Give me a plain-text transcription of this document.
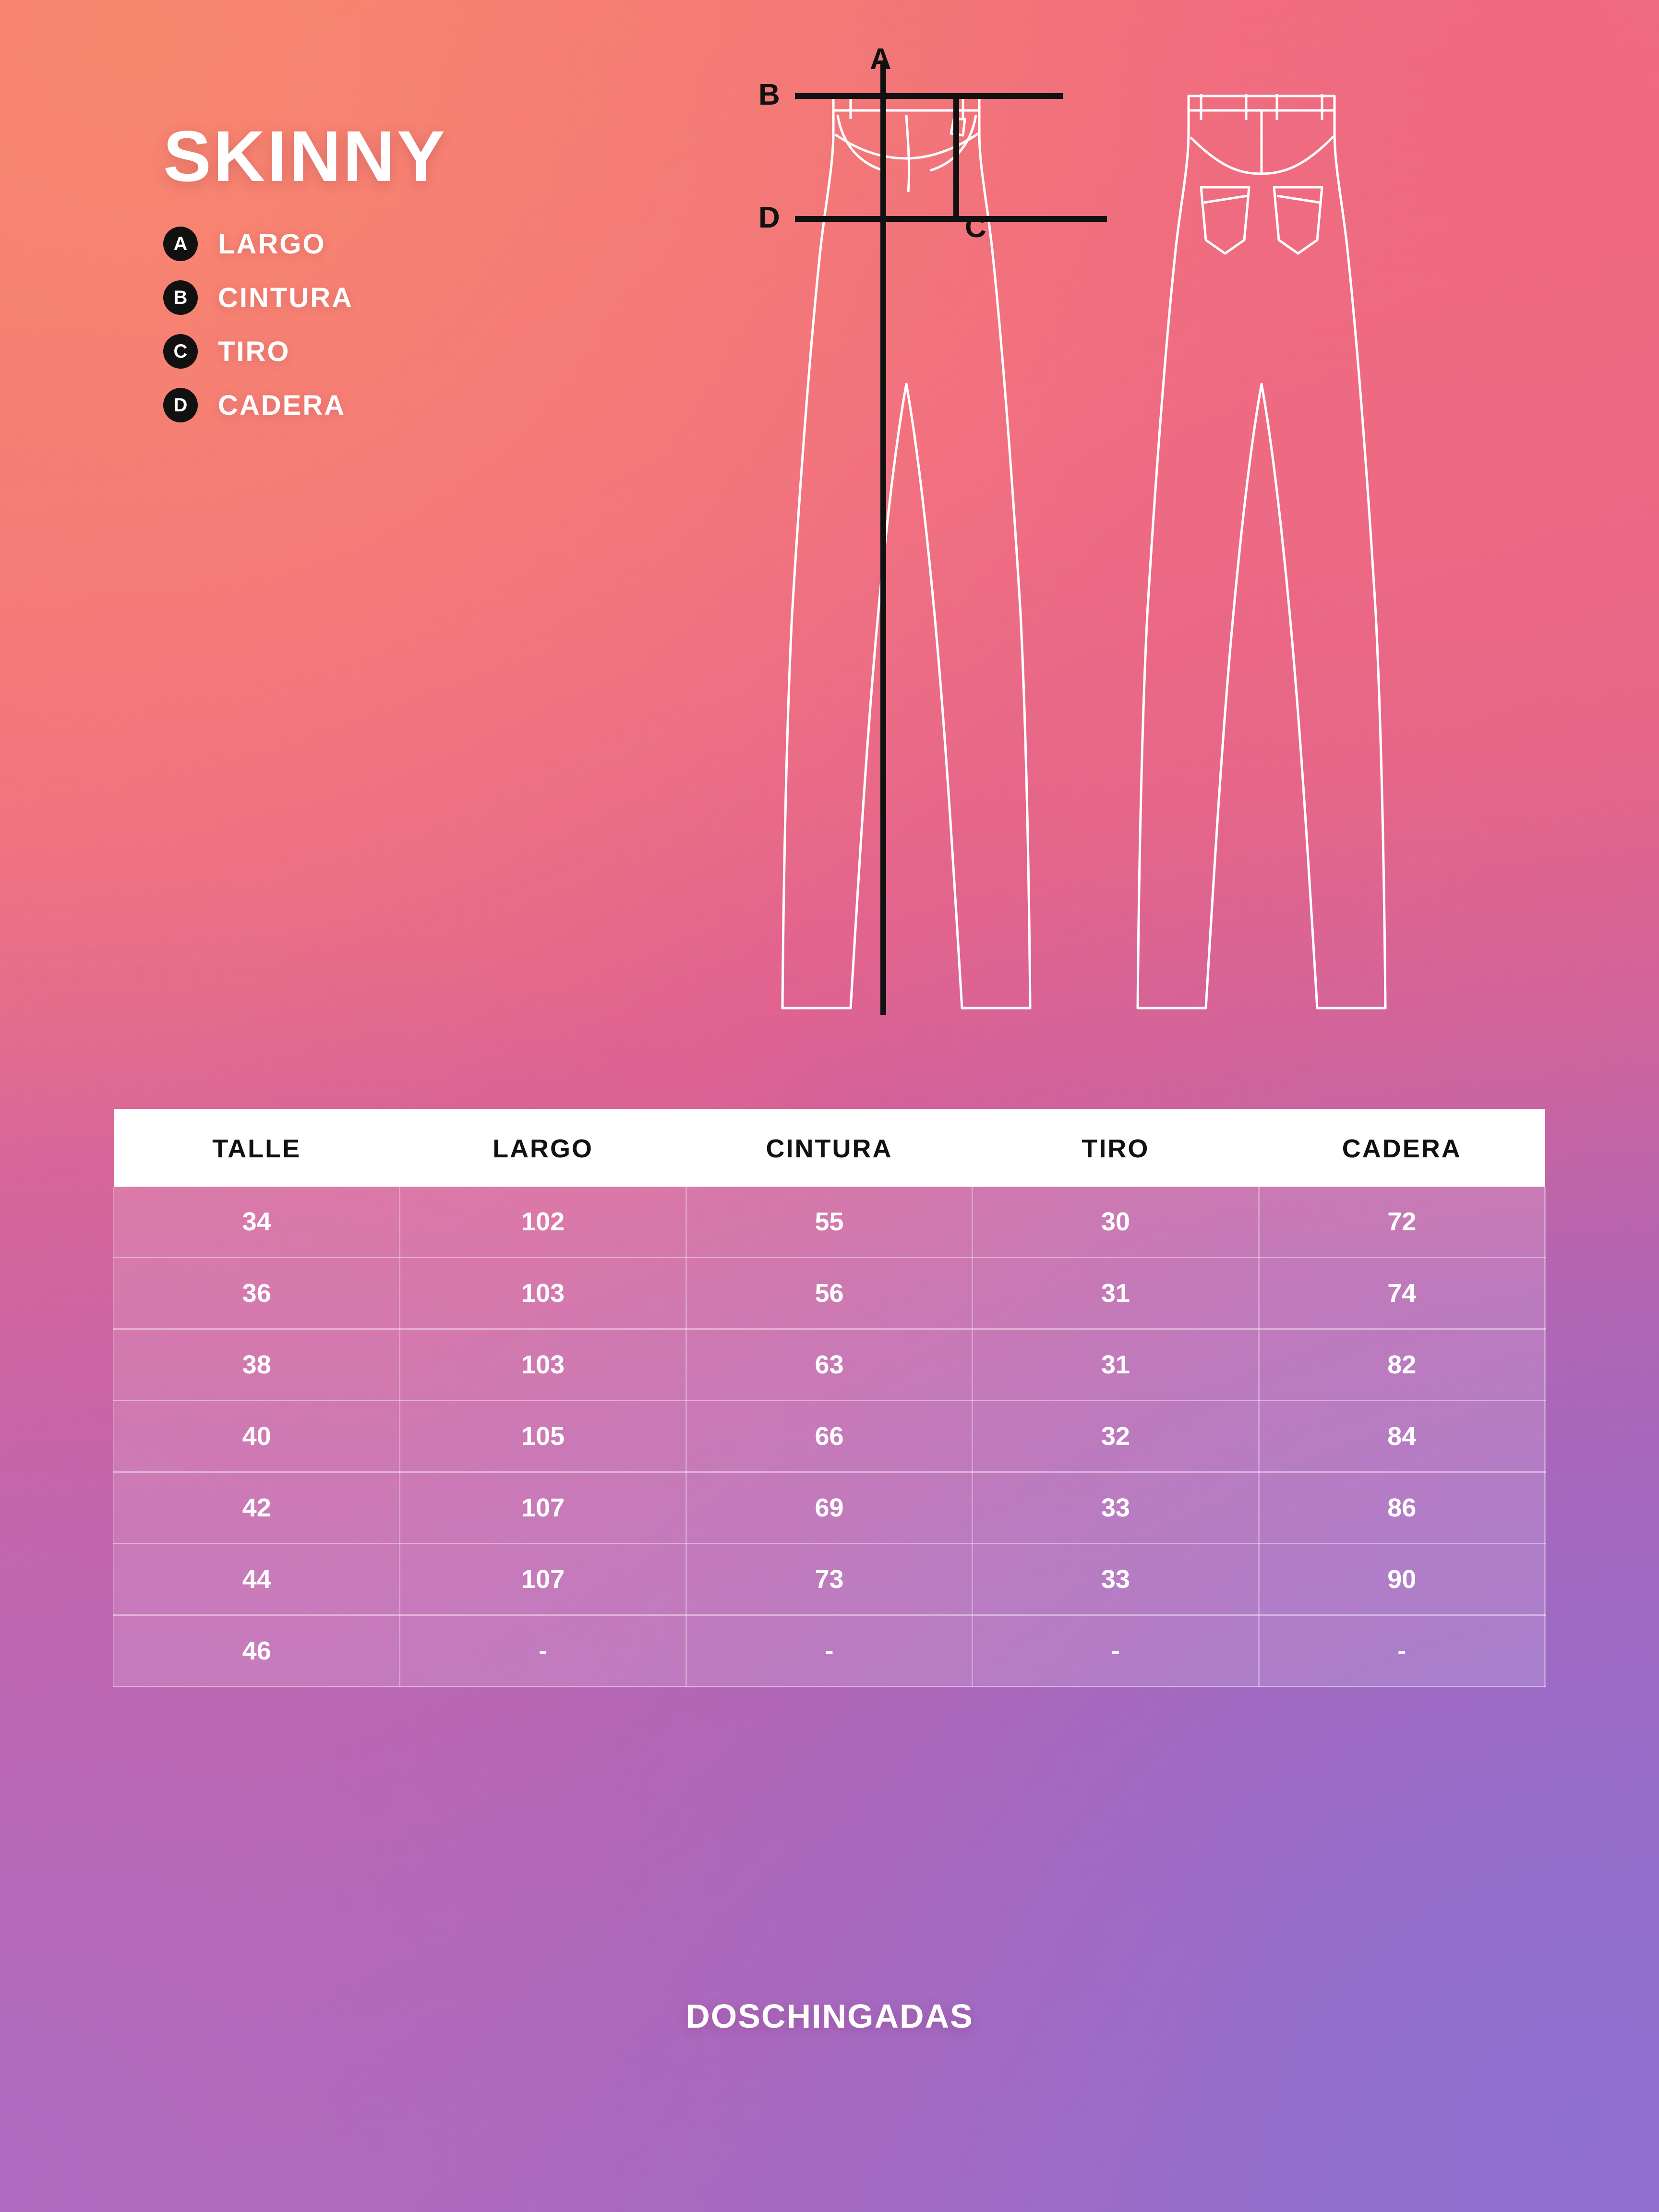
SKINNY
A	LARGO
B	CINTURA
C	TIRO
D	CADERA
A
B
C
D
TALLE	LARGO	CINTURA	TIRO	CADERA
34	102	55	30	72
36	103	56	31	74
38	103	63	31	82
40	105	66	32	84
42	107	69	33	86
44	107	73	33	90
46	-	-	-	-
DOSCHINGADAS
